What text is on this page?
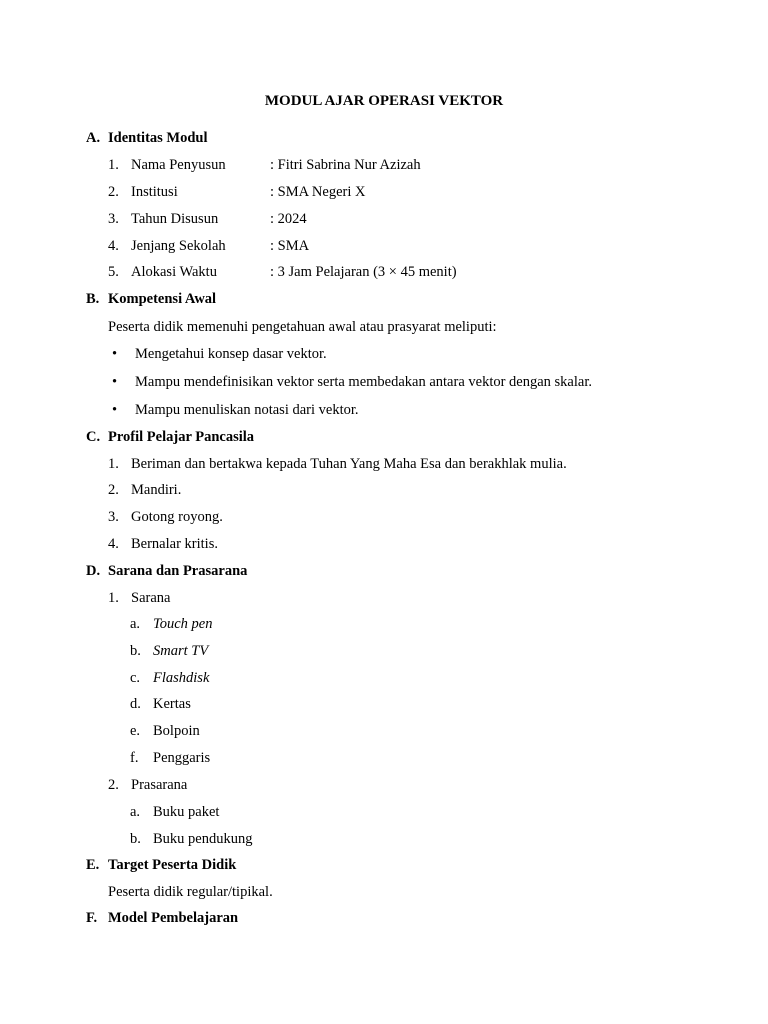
MODUL AJAR OPERASI VEKTOR
A. Identitas Modul
1. Nama Penyusun	: Fitri Sabrina Nur Azizah
2. Institusi	: SMA Negeri X
3. Tahun Disusun	: 2024
4. Jenjang Sekolah	: SMA
5. Alokasi Waktu	: 3 Jam Pelajaran (3 × 45 menit)
B. Kompetensi Awal
Peserta didik memenuhi pengetahuan awal atau prasyarat meliputi:
• Mengetahui konsep dasar vektor.
• Mampu mendefinisikan vektor serta membedakan antara vektor dengan skalar.
• Mampu menuliskan notasi dari vektor.
C. Profil Pelajar Pancasila
1. Beriman dan bertakwa kepada Tuhan Yang Maha Esa dan berakhlak mulia.
2. Mandiri.
3. Gotong royong.
4. Bernalar kritis.
D. Sarana dan Prasarana
1. Sarana
a. Touch pen
b. Smart TV
c. Flashdisk
d. Kertas
e. Bolpoin
f. Penggaris
2. Prasarana
a. Buku paket
b. Buku pendukung
E. Target Peserta Didik
Peserta didik regular/tipikal.
F. Model Pembelajaran
